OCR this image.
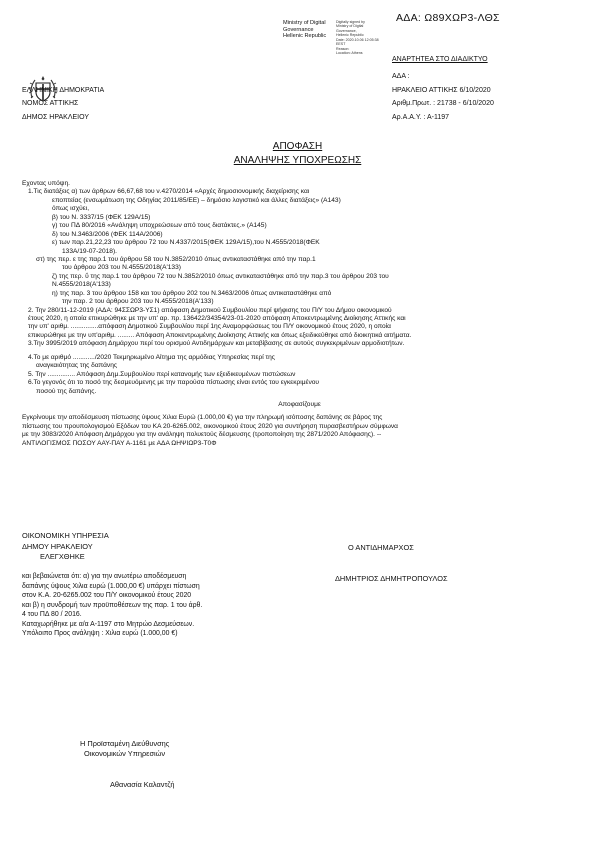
ΑΔΑ: Ω89ΧΩΡ3-ΛΘΣ
Ministry of Digital
Governance
Hellenic Republic
Digitally signed by
Ministry of Digital
Governance,
Hellenic Republic
Date: 2020.10.06 12:05:38
EEST
Reason:
Location: Athens
ΑΝΑΡΤΗΤΕΑ ΣΤΟ ΔΙΑΔΙΚΤΥΟ
ΕΛΛΗΝΙΚΗ ΔΗΜΟΚΡΑΤΙΑ
ΝΟΜΟΣ ΑΤΤΙΚΗΣ
ΔΗΜΟΣ ΗΡΑΚΛΕΙΟΥ
ΑΔΑ :
ΗΡΑΚΛΕΙΟ ΑΤΤΙΚΗΣ 6/10/2020
Αριθμ.Πρωτ. : 21738 - 6/10/2020
Αρ.Α.Α.Υ. : Α-1197
ΑΠΟΦΑΣΗ
ΑΝΑΛΗΨΗΣ ΥΠΟΧΡΕΩΣΗΣ
Εχοντας υπόψη.
1.Τις διατάξεις α) των άρθρων 66,67,68 του ν.4270/2014 «Αρχές δημοσιονομικής διαχείρισης και
εποπτείας (ενσωμάτωση της Οδηγίας 2011/85/ΕΕ) – δημόσιο λογιστικό και άλλες διατάξεις» (Α143)
όπως ισχύει,
β) του Ν. 3337/15 (ΦΕΚ 129Α/15)
γ) του ΠΔ 80/2016 «Ανάληψη υποχρεώσεων από τους διατάκτες.» (Α145)
δ) του Ν.3463/2006 (ΦΕΚ 114Α/2006)
ε) των παρ.21,22,23 του άρθρου 72 του Ν.4337/2015(ΦΕΚ 129Α/15),του Ν.4555/2018(ΦΕΚ
133Α/19-07-2018).
στ) της περ. ε της παρ.1 του άρθρου 58 του Ν.3852/2010 όπως αντικαταστάθηκε από την παρ.1
του άρθρου 203 του Ν.4555/2018(Α'133)
ζ) της περ. ΰ της παρ.1 του άρθρου 72 του Ν.3852/2010 όπως αντικαταστάθηκε από την παρ.3 του άρθρου 203 του
Ν.4555/2018(Α'133)
η) της παρ. 3 του άρθρου 158 και του άρθρου 202 του Ν.3463/2006 όπως αντικαταστάθηκε από
την παρ. 2 του άρθρου 203 του Ν.4555/2018(Α'133)
2. Την 280/11-12-2019 (ΑΔΑ: 94ΣΣΩΡ3-ΥΣ1) απόφαση Δημοτικού Συμβουλίου περί ψήφισης του Π/Υ του Δήμου οικονομικού
έτους 2020, η οποία επικυρώθηκε με την υπ' αρ. πρ. 136422/34354/23-01-2020 απόφαση Αποκεντρωμένης Διοίκησης Αττικής και
την υπ' αριθμ. ...............απόφαση Δημοτικού Συμβουλίου περί 1ης Αναμορφώσεως του Π/Υ οικονομικού έτους 2020, η οποία
επικυρώθηκε με την υπ'αριθμ. ......... Απόφαση Αποκεντρωμένης Διοίκησης Αττικής και όπως εξειδικεύθηκε από διοικητικά αιτήματα.
3.Την 3995/2019 απόφαση Δημάρχου περί του ορισμού Αντιδημάρχων και μεταβίβασης σε αυτούς συγκεκριμένων αρμοδιοτήτων.
4.Το με αριθμό ............/2020 Τεκμηριωμένο Αίτημα της αρμόδιας Υπηρεσίας περί της
αναγκαιότητας της δαπάνης
5. Την ............... Απόφαση Δημ.Συμβουλίου περί κατανομής των εξειδικευμένων πιστώσεων
6.Το γεγονός ότι το ποσό της δεσμευόμενης με την παρούσα πίστωσης είναι εντός του εγκεκριμένου
ποσού της δαπάνης.
Αποφασίζουμε
Εγκρίνουμε την αποδέσμευση πίστωσης ύψους Χιλια Ευρώ (1.000,00 €) για την πληρωμή ισόποσης δαπάνης σε βάρος της
πίστωσης του προυπολογισμού Εξόδων του ΚΑ 20-6265.002, οικονομικού έτους 2020 για συντήρηση πυρασβεστήρων σύμφωνα
με την 3083/2020 Απόφαση Δημάρχου για την ανάληψη πολυετούς δέσμευσης (τροποποίηση της 2871/2020 Απόφασης). --
ΑΝΤΙΛΟΓΙΣΜΟΣ ΠΟΣΟΥ ΑΑΥ-ΠΑΥ Α-1161 με ΑΔΑ ΩΗΨΙΩΡ3-Τ0Φ
ΟΙΚΟΝΟΜΙΚΗ ΥΠΗΡΕΣΙΑ
ΔΗΜΟΥ ΗΡΑΚΛΕΙΟΥ
ΕΛΕΓΧΘΗΚΕ
Ο ΑΝΤΙΔΗΜΑΡΧΟΣ
και βεβαιώνεται ότι: α) για την ανωτέρω αποδέσμευση
δαπάνης ύψους Χιλια ευρώ (1.000,00 €) υπάρχει πίστωση
στον Κ.Α. 20-6265.002 του Π/Υ οικονομικού έτους 2020
και β) η συνδρομή των προϋποθέσεων της παρ. 1 του άρθ.
4 του ΠΔ 80 / 2016.
Καταχωρήθηκε με α/α Α-1197 στο Μητρώο Δεσμεύσεων.
Υπόλοιπο Προς ανάληψη : Χιλια ευρώ (1.000,00 €)
ΔΗΜΗΤΡΙΟΣ ΔΗΜΗΤΡΟΠΟΥΛΟΣ
Η Προϊσταμένη Διεύθυνσης
Οικονομικών Υπηρεσιών
Αθανασία Καλαντζή
